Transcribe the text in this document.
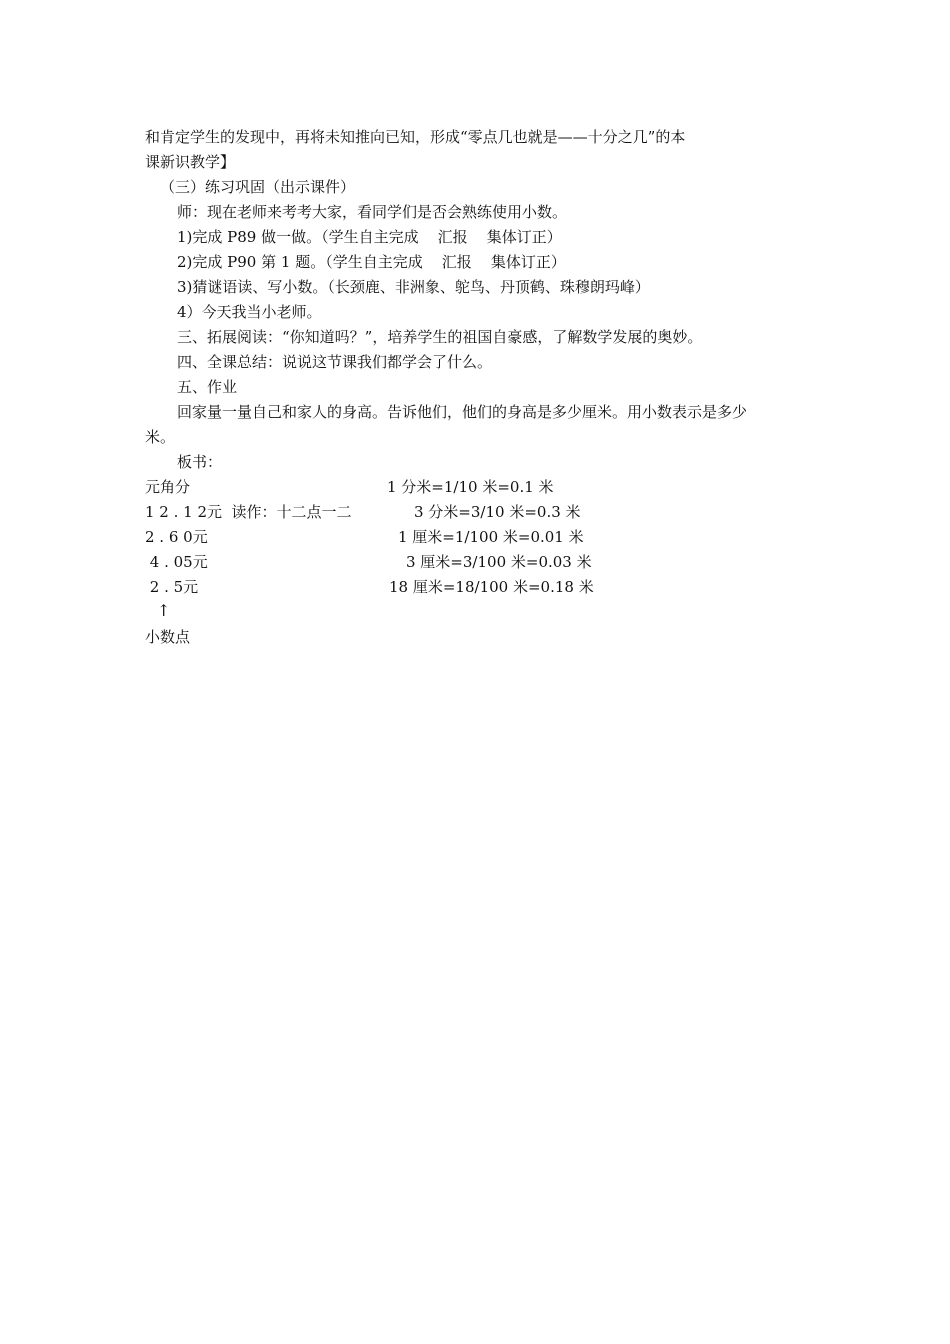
和肯定学生的发现中，再将未知推向已知，形成“零点几也就是——十分之几”的本
课新识教学】
（三）练习巩固（出示课件）
师：现在老师来考考大家，看同学们是否会熟练使用小数。
1)完成 P89 做一做。（学生自主完成    汇报    集体订正）
2)完成 P90 第 1 题。（学生自主完成    汇报    集体订正）
3)猜谜语读、写小数。（长颈鹿、非洲象、鸵鸟、丹顶鹤、珠穆朗玛峰）
4）今天我当小老师。
三、拓展阅读：“你知道吗？”，培养学生的祖国自豪感，了解数学发展的奥妙。
四、全课总结：说说这节课我们都学会了什么。
五、作业
回家量一量自己和家人的身高。告诉他们，他们的身高是多少厘米。用小数表示是多少
米。
板书：
元角分
1 2 . 1 2元  读作：十二点一二
2 . 6 0元
4 . 05元
2 . 5元
1 分米=1/10 米=0.1 米
3 分米=3/10 米=0.3 米
1 厘米=1/100 米=0.01 米
3 厘米=3/100 米=0.03 米
18 厘米=18/100 米=0.18 米
↑
小数点
